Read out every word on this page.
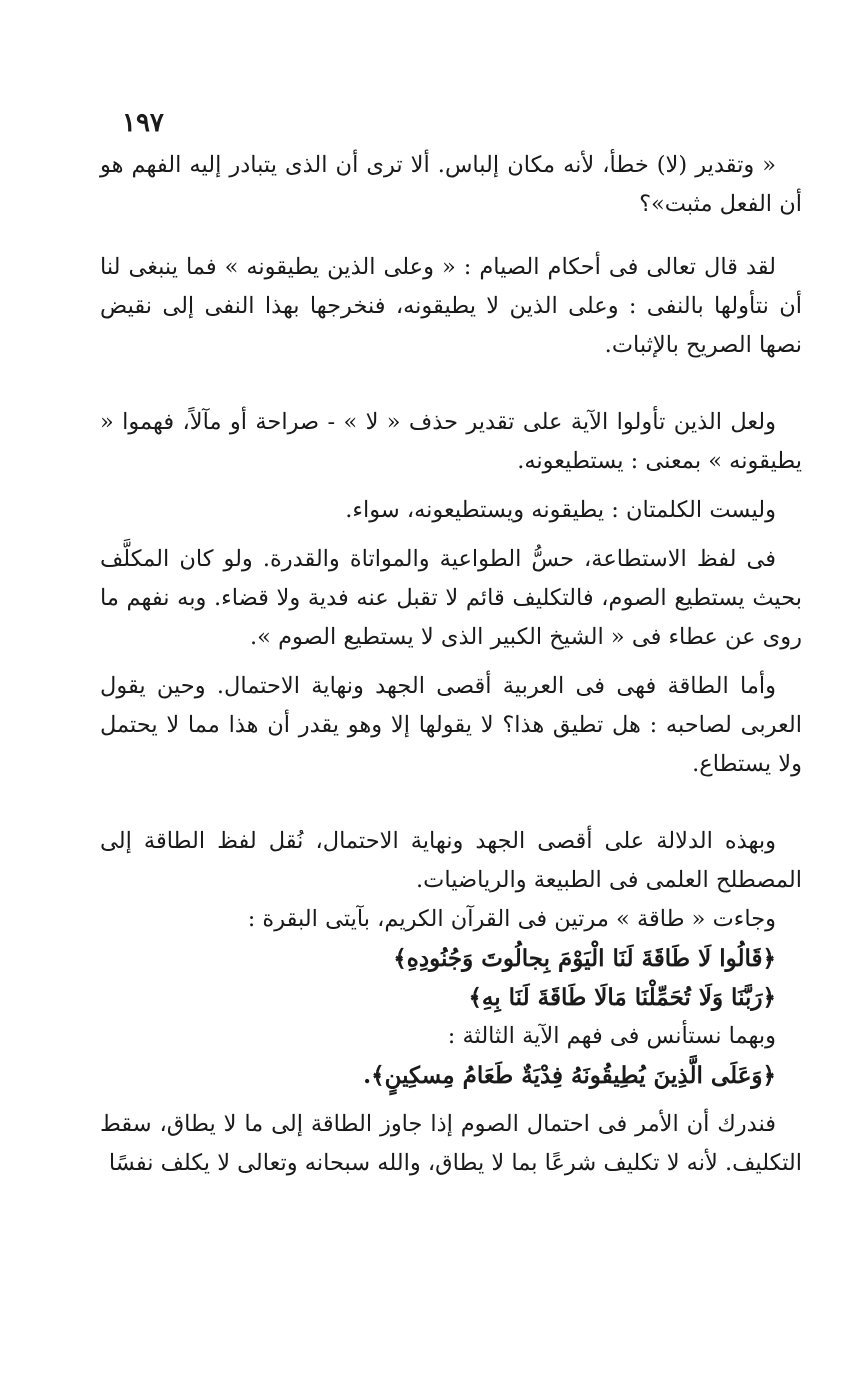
١٩٧

« وتقدير (لا) خطأ، لأنه مكان إلباس. ألا ترى أن الذى يتبادر إليه الفهم هو أن الفعل مثبت»؟

لقد قال تعالى فى أحكام الصيام : « وعلى الذين يطيقونه » فما ينبغى لنا أن نتأولها بالنفى : وعلى الذين لا يطيقونه، فنخرجها بهذا النفى إلى نقيض نصها الصريح بالإثبات.

ولعل الذين تأولوا الآية على تقدير حذف « لا » - صراحة أو مآلاً، فهموا « يطيقونه » بمعنى : يستطيعونه.

وليست الكلمتان : يطيقونه ويستطيعونه، سواء.

فى لفظ الاستطاعة، حسُّ الطواعية والمواتاة والقدرة. ولو كان المكلَّف بحيث يستطيع الصوم، فالتكليف قائم لا تقبل عنه فدية ولا قضاء. وبه نفهم ما روى عن عطاء فى « الشيخ الكبير الذى لا يستطيع الصوم ».

وأما الطاقة فهى فى العربية أقصى الجهد ونهاية الاحتمال. وحين يقول العربى لصاحبه : هل تطيق هذا؟ لا يقولها إلا وهو يقدر أن هذا مما لا يحتمل ولا يستطاع.

وبهذه الدلالة على أقصى الجهد ونهاية الاحتمال، نُقل لفظ الطاقة إلى المصطلح العلمى فى الطبيعة والرياضيات.

وجاءت « طاقة » مرتين فى القرآن الكريم، بآيتى البقرة :

﴿قَالُوا لَا طَاقَةَ لَنَا الْيَوْمَ بِجالُوتَ وَجُنُودِهِ﴾

﴿رَبَّنَا وَلَا تُحَمِّلْنَا مَالَا طَاقَةَ لَنَا بِهِ﴾

وبهما نستأنس فى فهم الآية الثالثة :

﴿وَعَلَى الَّذِينَ يُطِيقُونَهُ فِدْيَةٌ طَعَامُ مِسكِينٍ﴾.

فندرك أن الأمر فى احتمال الصوم إذا جاوز الطاقة إلى ما لا يطاق، سقط التكليف. لأنه لا تكليف شرعًا بما لا يطاق، والله سبحانه وتعالى لا يكلف نفسًا
